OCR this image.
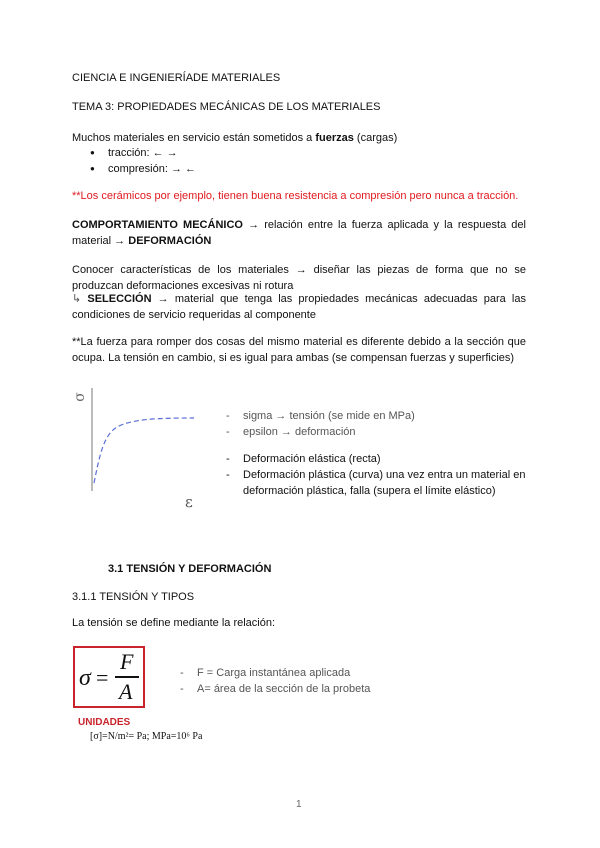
CIENCIA E INGENIERÍADE MATERIALES
TEMA 3: PROPIEDADES MECÁNICAS DE LOS MATERIALES
Muchos materiales en servicio están sometidos a fuerzas (cargas)
● tracción: ← →
● compresión: → ←
**Los cerámicos por ejemplo, tienen buena resistencia a compresión pero nunca a tracción.
COMPORTAMIENTO MECÁNICO → relación entre la fuerza aplicada y la respuesta del material → DEFORMACIÓN
Conocer características de los materiales → diseñar las piezas de forma que no se produzcan deformaciones excesivas ni rotura
↳ SELECCIÓN → material que tenga las propiedades mecánicas adecuadas para las condiciones de servicio requeridas al componente
**La fuerza para romper dos cosas del mismo material es diferente debido a la sección que ocupa. La tensión en cambio, si es igual para ambas (se compensan fuerzas y superficies)
σ
ε
- sigma → tensión (se mide en MPa)
- epsilon → deformación
- Deformación elástica (recta)
- Deformación plástica (curva) una vez entra un material en deformación plástica, falla (supera el límite elástico)
3.1 TENSIÓN Y DEFORMACIÓN
3.1.1 TENSIÓN Y TIPOS
La tensión se define mediante la relación:
σ =
F
A
- F = Carga instantánea aplicada
- A= área de la sección de la probeta
UNIDADES
[σ]=N/m²= Pa; MPa=10⁶ Pa
1
